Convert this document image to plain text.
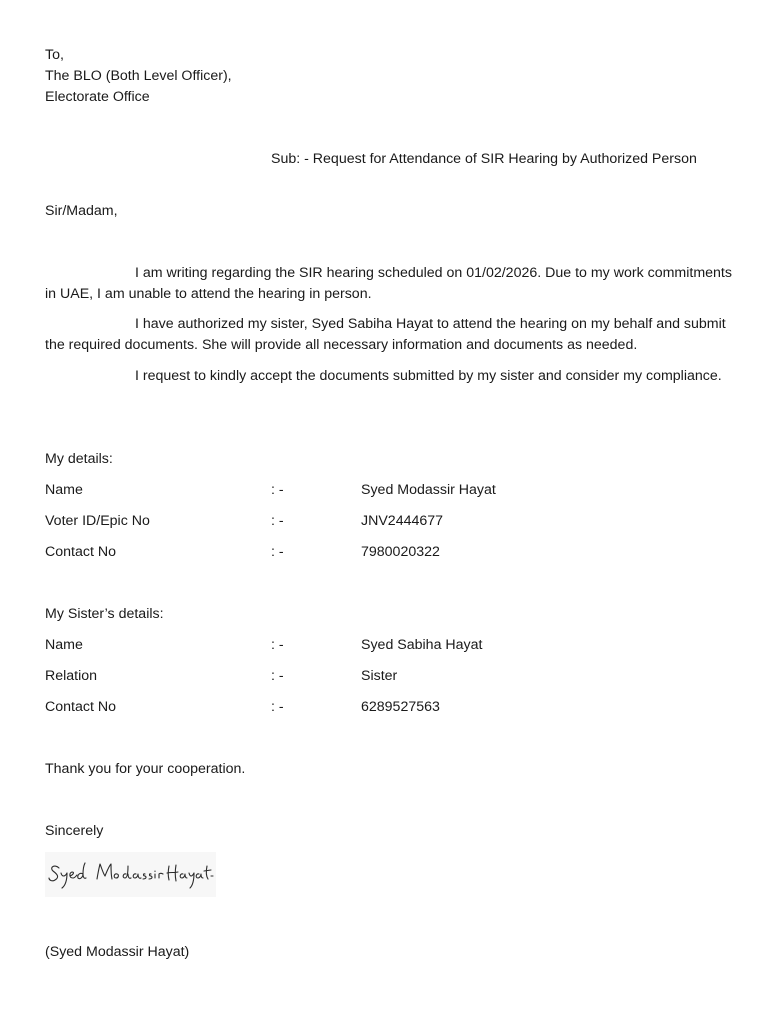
To,
The BLO (Both Level Officer),
Electorate Office
Sub: - Request for Attendance of SIR Hearing by Authorized Person
Sir/Madam,
I am writing regarding the SIR hearing scheduled on 01/02/2026. Due to my work commitments in UAE, I am unable to attend the hearing in person.
I have authorized my sister, Syed Sabiha Hayat to attend the hearing on my behalf and submit the required documents. She will provide all necessary information and documents as needed.
I request to kindly accept the documents submitted by my sister and consider my compliance.
My details:
Name	: -	Syed Modassir Hayat
Voter ID/Epic No	: -	JNV2444677
Contact No	: -	7980020322
My Sister’s details:
Name	: -	Syed Sabiha Hayat
Relation	: -	Sister
Contact No	: -	6289527563
Thank you for your cooperation.
Sincerely
(Syed Modassir Hayat)
